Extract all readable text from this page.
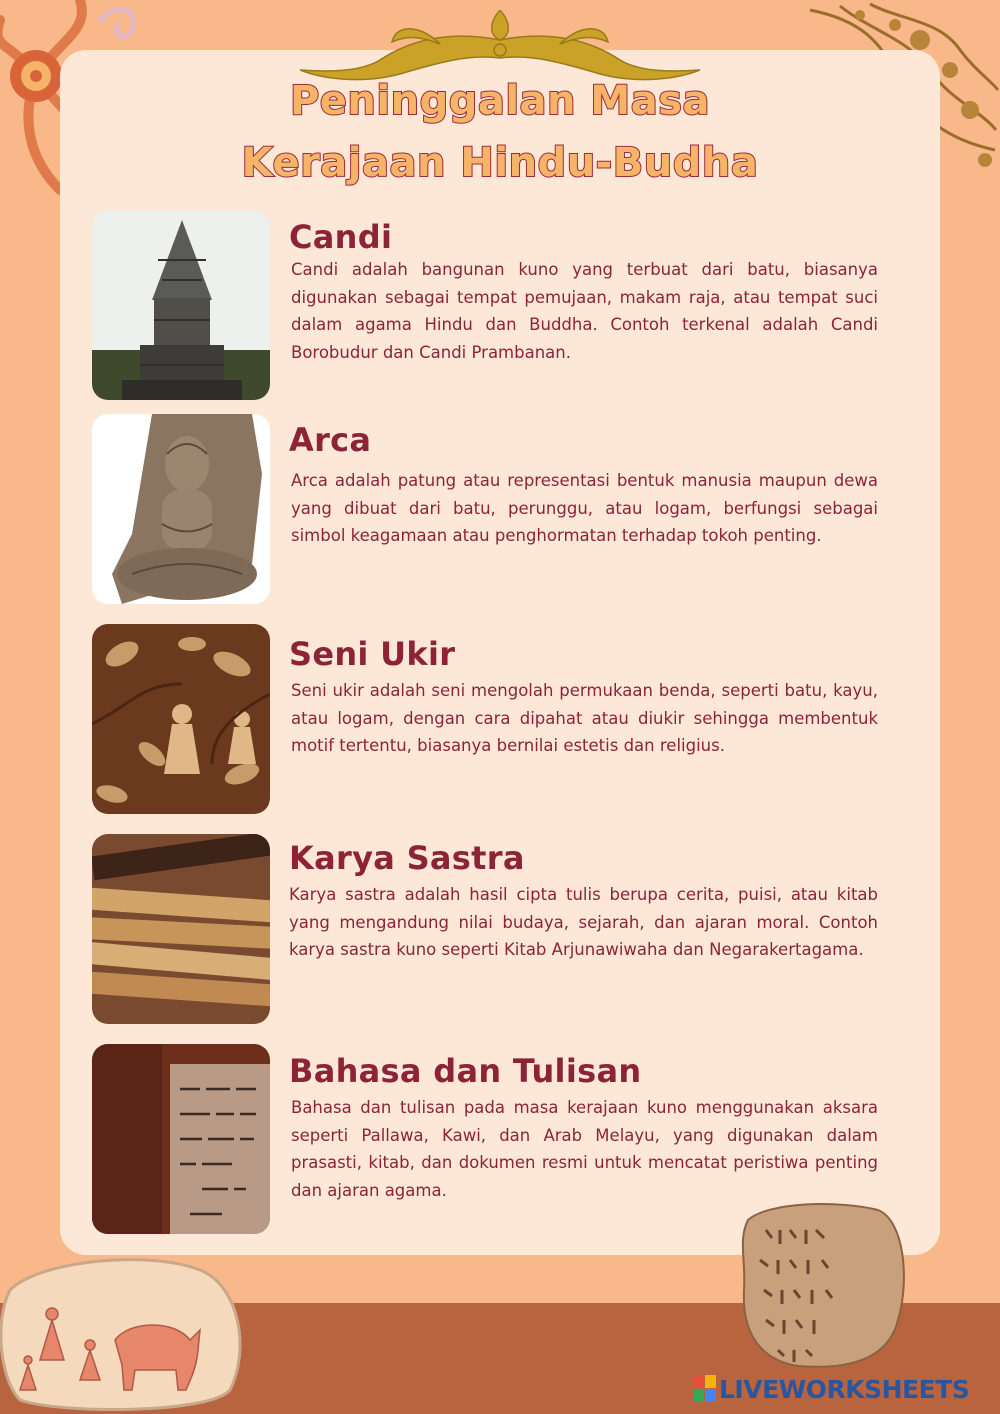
Peninggalan Masa
Kerajaan Hindu-Budha
Candi

Candi adalah bangunan kuno yang terbuat dari batu, biasanya digunakan sebagai tempat pemujaan, makam raja, atau tempat suci dalam agama Hindu dan Buddha. Contoh terkenal adalah Candi Borobudur dan Candi Prambanan.

Arca

Arca adalah patung atau representasi bentuk manusia maupun dewa yang dibuat dari batu, perunggu, atau logam, berfungsi sebagai simbol keagamaan atau penghormatan terhadap tokoh penting.

Seni Ukir

Seni ukir adalah seni mengolah permukaan benda, seperti batu, kayu, atau logam, dengan cara dipahat atau diukir sehingga membentuk motif tertentu, biasanya bernilai estetis dan religius.

Karya Sastra

Karya sastra adalah hasil cipta tulis berupa cerita, puisi, atau kitab yang mengandung nilai budaya, sejarah, dan ajaran moral. Contoh karya sastra kuno seperti Kitab Arjunawiwaha dan Negarakertagama.

Bahasa dan Tulisan

Bahasa dan tulisan pada masa kerajaan kuno menggunakan aksara seperti Pallawa, Kawi, dan Arab Melayu, yang digunakan dalam prasasti, kitab, dan dokumen resmi untuk mencatat peristiwa penting dan ajaran agama.

LIVEWORKSHEETS
